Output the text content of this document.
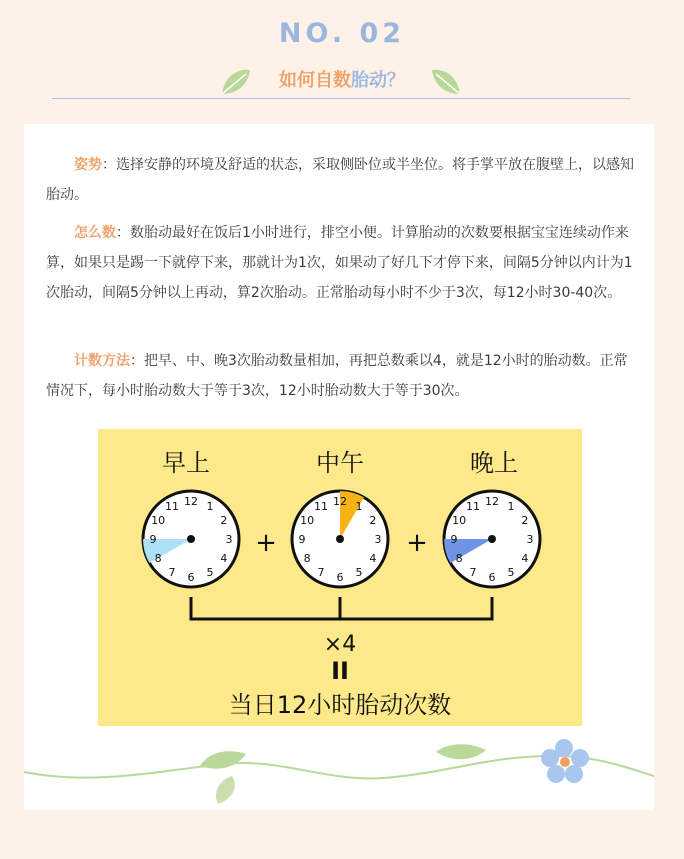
NO. 02
如何自数胎动？

姿势：选择安静的环境及舒适的状态，采取侧卧位或半坐位。将手掌平放在腹壁上，以感知胎动。

怎么数：数胎动最好在饭后1小时进行，排空小便。计算胎动的次数要根据宝宝连续动作来算，如果只是踢一下就停下来，那就计为1次，如果动了好几下才停下来，间隔5分钟以内计为1次胎动，间隔5分钟以上再动，算2次胎动。正常胎动每小时不少于3次，每12小时30-40次。

计数方法：把早、中、晚3次胎动数量相加，再把总数乘以4，就是12小时的胎动数。正常情况下，每小时胎动数大于等于3次，12小时胎动数大于等于30次。

早上	中午	晚上
12 1
2
3
4
5
6
7
8
9
10
11	12 1
2
3
4
5
6
7
8
9
10
11	12 1
2
3
4
5
6
7
8
9
10
11
+	+
×4
II
当日12小时胎动次数
